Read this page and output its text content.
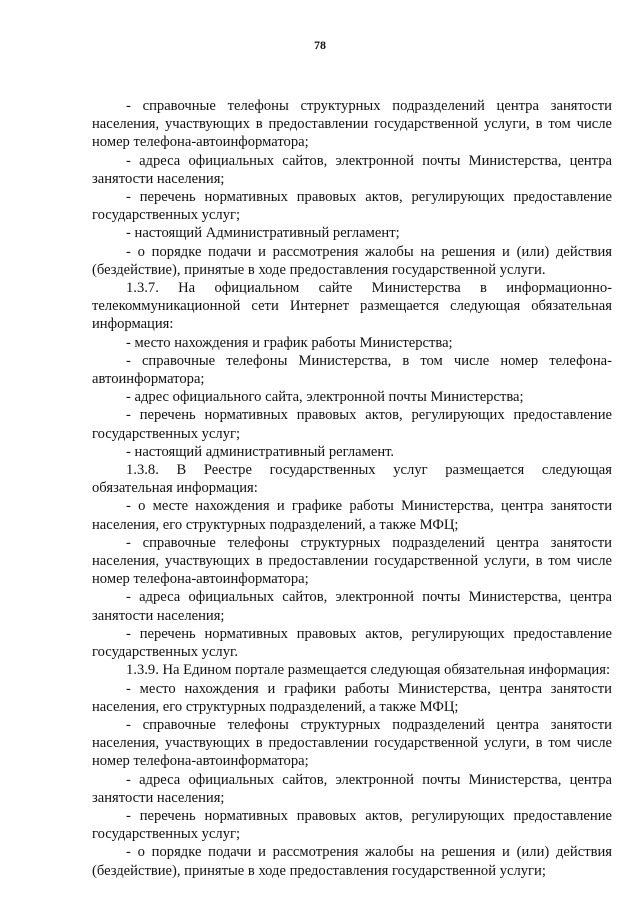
78

- справочные телефоны структурных подразделений центра занятости населения, участвующих в предоставлении государственной услуги, в том числе номер телефона-автоинформатора;

- адреса официальных сайтов, электронной почты Министерства, центра занятости населения;

- перечень нормативных правовых актов, регулирующих предоставление государственных услуг;

- настоящий Административный регламент;

- о порядке подачи и рассмотрения жалобы на решения и (или) действия (бездействие), принятые в ходе предоставления государственной услуги.

1.3.7. На официальном сайте Министерства в информационно-телекоммуникационной сети Интернет размещается следующая обязательная информация:

- место нахождения и график работы Министерства;

- справочные телефоны Министерства, в том числе номер телефона-автоинформатора;

- адрес официального сайта, электронной почты Министерства;

- перечень нормативных правовых актов, регулирующих предоставление государственных услуг;

- настоящий административный регламент.

1.3.8. В Реестре государственных услуг размещается следующая обязательная информация:

- о месте нахождения и графике работы Министерства, центра занятости населения, его структурных подразделений, а также МФЦ;

. - справочные телефоны структурных подразделений центра занятости населения, участвующих в предоставлении государственной услуги, в том числе номер телефона-автоинформатора;

- адреса официальных сайтов, электронной почты Министерства, центра занятости населения;

- перечень нормативных правовых актов, регулирующих предоставление государственных услуг.

1.3.9. На Едином портале размещается следующая обязательная информация:

- место нахождения и графики работы Министерства, центра занятости населения, его структурных подразделений, а также МФЦ;

- справочные телефоны структурных подразделений центра занятости населения, участвующих в предоставлении государственной услуги, в том числе номер телефона-автоинформатора;

- адреса официальных сайтов, электронной почты Министерства, центра занятости населения;

- перечень нормативных правовых актов, регулирующих предоставление государственных услуг;

- о порядке подачи и рассмотрения жалобы на решения и (или) действия (бездействие), принятые в ходе предоставления государственной услуги;
